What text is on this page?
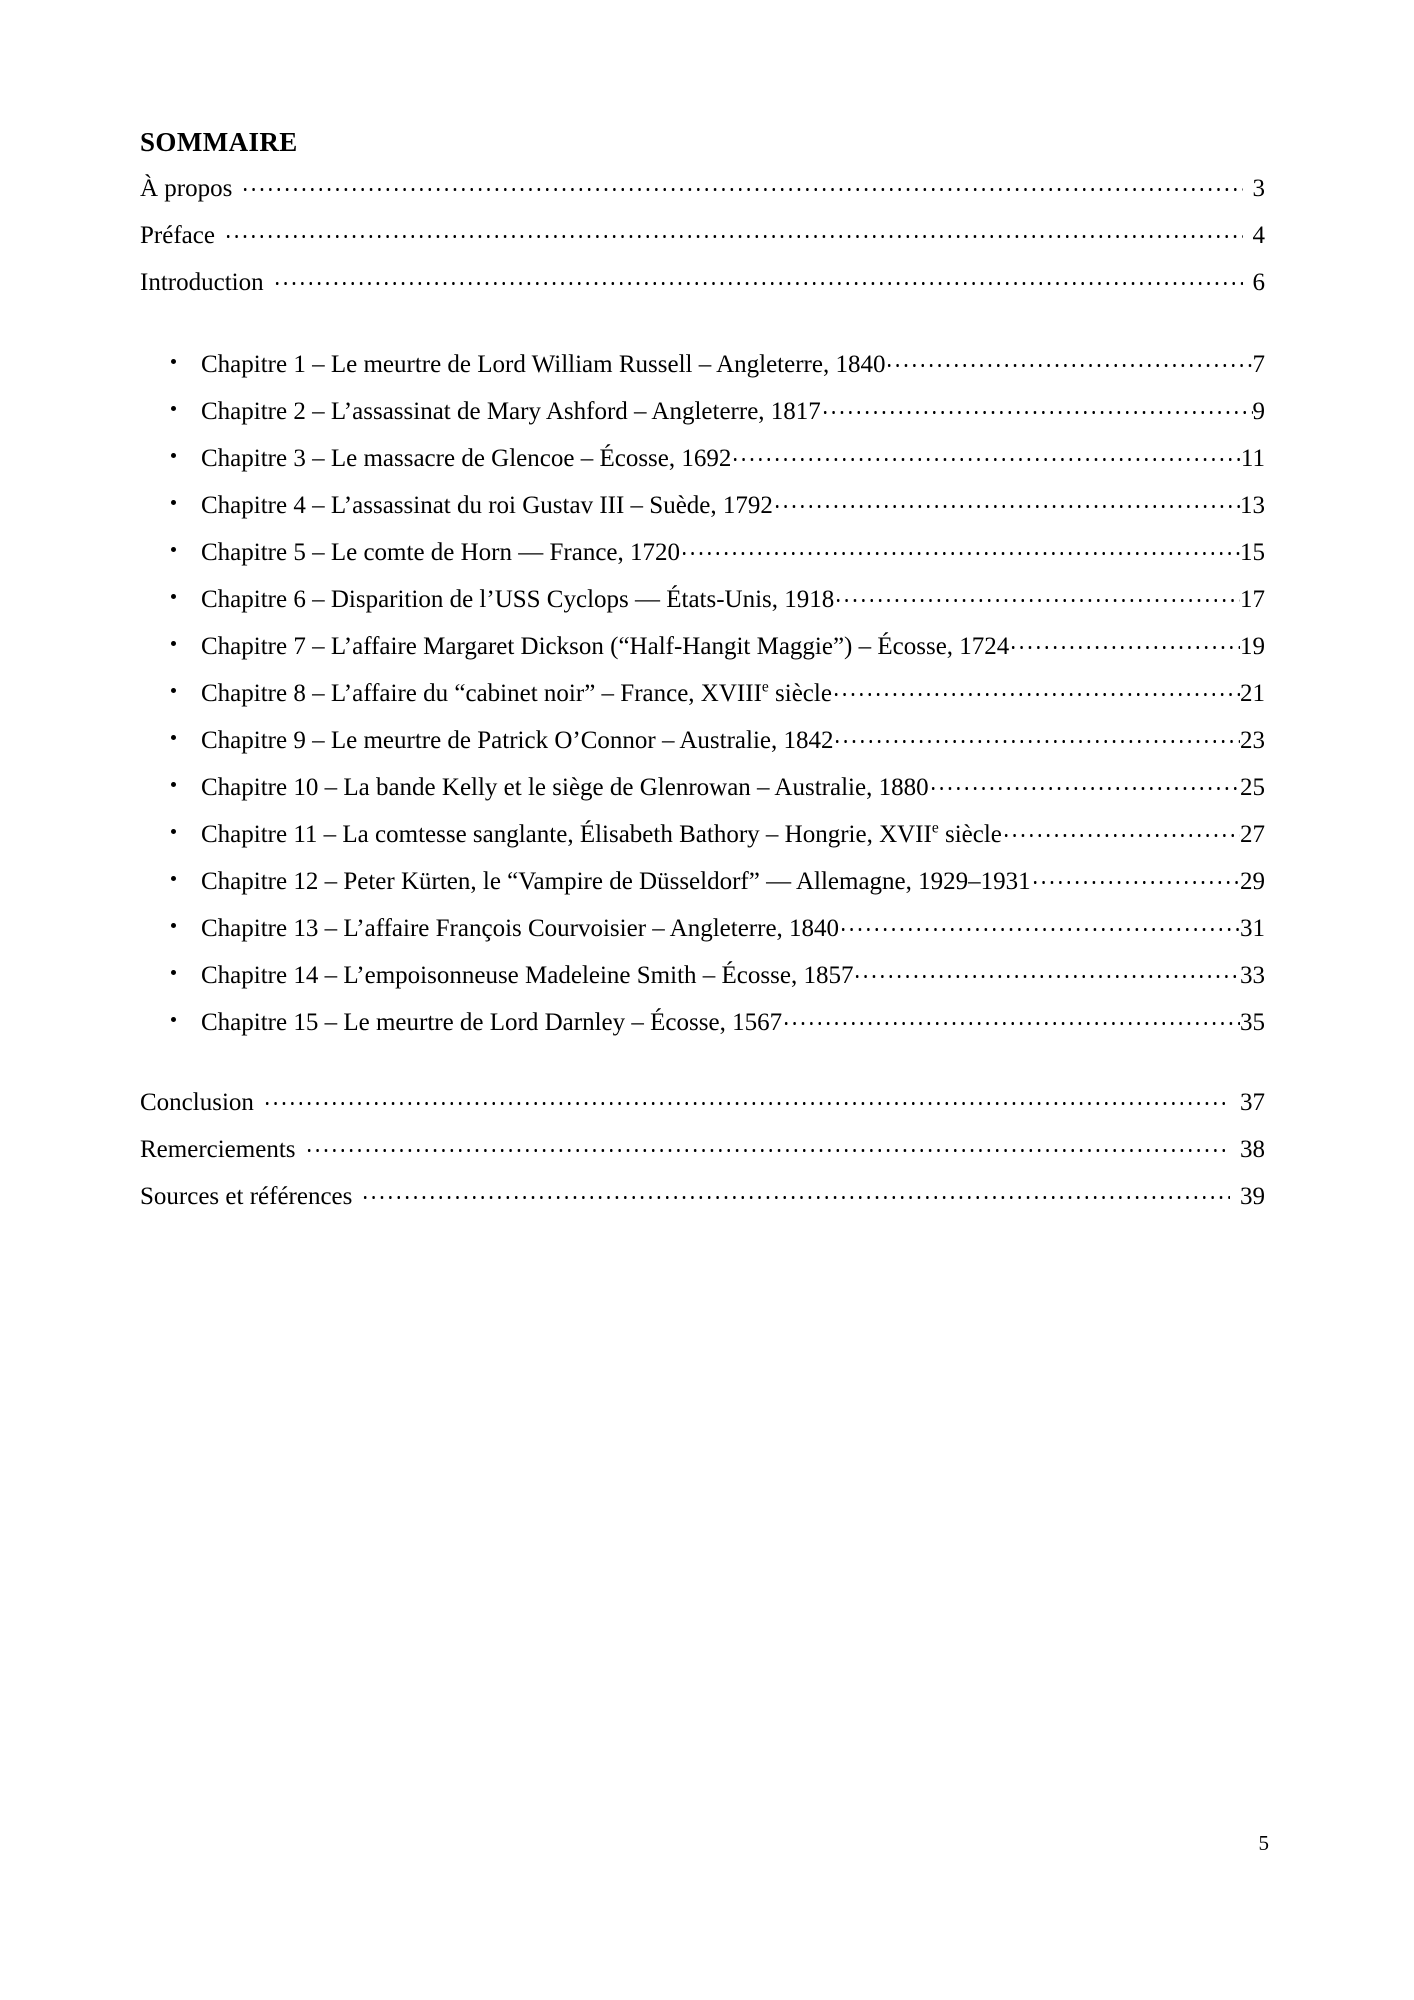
SOMMAIRE
À propos	3
Préface	4
Introduction	6
Chapitre 1 – Le meurtre de Lord William Russell – Angleterre, 1840	7
Chapitre 2 – L’assassinat de Mary Ashford – Angleterre, 1817	9
Chapitre 3 – Le massacre de Glencoe – Écosse, 1692	11
Chapitre 4 – L’assassinat du roi Gustav III – Suède, 1792	13
Chapitre 5 – Le comte de Horn — France, 1720	15
Chapitre 6 – Disparition de l’USS Cyclops — États-Unis, 1918	17
Chapitre 7 – L’affaire Margaret Dickson (“Half-Hangit Maggie”) – Écosse, 1724	19
Chapitre 8 – L’affaire du “cabinet noir” – France, XVIIIe siècle	21
Chapitre 9 – Le meurtre de Patrick O’Connor – Australie, 1842	23
Chapitre 10 – La bande Kelly et le siège de Glenrowan – Australie, 1880	25
Chapitre 11 – La comtesse sanglante, Élisabeth Bathory – Hongrie, XVIIe siècle	27
Chapitre 12 – Peter Kürten, le “Vampire de Düsseldorf” — Allemagne, 1929–1931	29
Chapitre 13 – L’affaire François Courvoisier – Angleterre, 1840	31
Chapitre 14 – L’empoisonneuse Madeleine Smith – Écosse, 1857	33
Chapitre 15 – Le meurtre de Lord Darnley – Écosse, 1567	35
Conclusion	37
Remerciements	38
Sources et références	39
5
